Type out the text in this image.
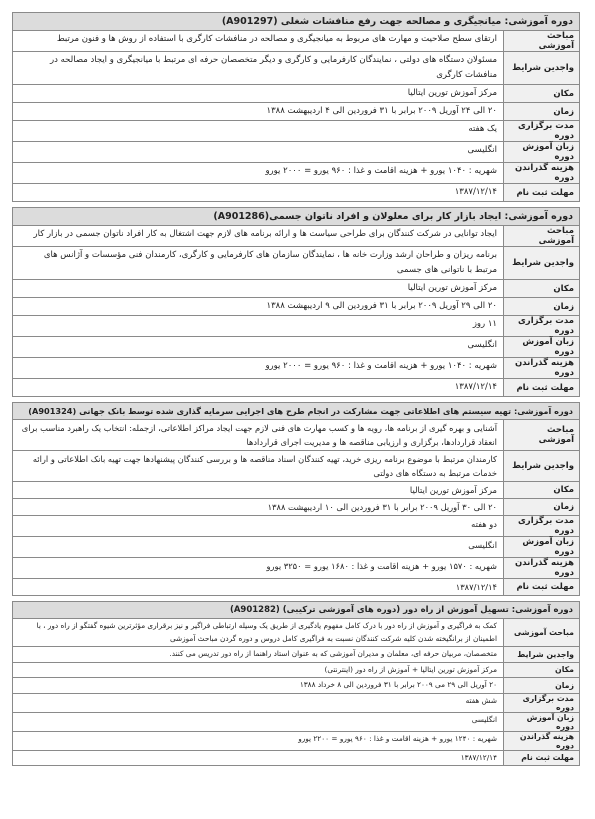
دوره آموزشی: میانجیگری و مصالحه جهت رفع منافشات شغلی (A901297)
مباحث آموزشی
ارتقای سطح صلاحیت و مهارت های مربوط به میانجیگری و مصالحه در منافشات کارگری با استفاده از روش ها و فنون مرتبط
واجدین شرایط
مسئولان دستگاه های دولتی ، نمایندگان کارفرمایی و کارگری و دیگر متخصصان حرفه ای مرتبط با میانجیگری و ایجاد مصالحه در منافشات کارگری
مکان
مرکز آموزش تورین ایتالیا
زمان
۲۰ الی ۲۴ آوریل ۲۰۰۹ برابر با ۳۱ فروردین الی ۴ اردیبهشت ۱۳۸۸
مدت برگزاری دوره
یک هفته
زبان آموزش دوره
انگلیسی
هزینه گذراندن دوره
شهریه : ۱۰۴۰ یورو + هزینه اقامت و غذا : ۹۶۰ یورو = ۲۰۰۰ یورو
مهلت ثبت نام
۱۳۸۷/۱۲/۱۴
دوره آموزشی: ایجاد بازار کار برای معلولان و افراد ناتوان جسمی(A901286)
مباحث آموزشی
ایجاد توانایی در شرکت کنندگان برای طراحی سیاست ها و ارائه برنامه های لازم جهت اشتغال به کار افراد ناتوان جسمی در بازار کار
واجدین شرایط
برنامه ریزان و طراحان ارشد وزارت خانه ها ، نمایندگان سازمان های کارفرمایی و کارگری، کارمندان فنی مؤسسات و آژانس های مرتبط با ناتوانی های جسمی
مکان
مرکز آموزش تورین ایتالیا
زمان
۲۰ الی ۲۹ آوریل ۲۰۰۹ برابر با ۳۱ فروردین الی ۹ اردیبهشت ۱۳۸۸
مدت برگزاری دوره
۱۱ روز
زبان آموزش دوره
انگلیسی
هزینه گذراندن دوره
شهریه : ۱۰۴۰ یورو + هزینه اقامت و غذا : ۹۶۰ یورو = ۲۰۰۰ یورو
مهلت ثبت نام
۱۳۸۷/۱۲/۱۴
دوره آموزشی: تهیه سیستم های اطلاعاتی جهت مشارکت در انجام طرح های اجرایی سرمایه گذاری شده توسط بانک جهانی (A901324)
مباحث آموزشی
آشنایی و بهره گیری از برنامه ها، رویه ها و کسب مهارت های فنی لازم جهت ایجاد مراکز اطلاعاتی، ازجمله: انتخاب یک راهبرد مناسب برای انعقاد قراردادها، برگزاری و ارزیابی مناقصه ها و مدیریت اجرای قراردادها
واجدین شرایط
کارمندان مرتبط با موضوع برنامه ریزی خرید، تهیه کنندگان اسناد مناقصه ها و بررسی کنندگان پیشنهادها جهت تهیه بانک اطلاعاتی و ارائه خدمات مرتبط به دستگاه های دولتی
مکان
مرکز آموزش تورین ایتالیا
زمان
۲۰ الی ۳۰ آوریل ۲۰۰۹ برابر با ۳۱ فروردین الی ۱۰ اردیبهشت ۱۳۸۸
مدت برگزاری دوره
دو هفته
زبان آموزش دوره
انگلیسی
هزینه گذراندن دوره
شهریه : ۱۵۷۰ یورو + هزینه اقامت و غذا : ۱۶۸۰ یورو = ۳۲۵۰ یورو
مهلت ثبت نام
۱۳۸۷/۱۲/۱۴
دوره آموزشی: تسهیل آموزش از راه دور (دوره های آموزشی ترکیبی) (A901282)
مباحث آموزشی
کمک به فراگیری و آموزش از راه دور با درک کامل مفهوم یادگیری از طریق یک وسیله ارتباطی فراگیر و نیز برقراری مؤثرترین شیوه گفتگو از راه دور ، با اطمینان از برانگیخته شدن کلیه شرکت کنندگان نسبت به فراگیری کامل دروس و دوره گردن مباحث آموزشی
واجدین شرایط
متخصصان، مربیان حرفه ای، معلمان و مدیران آموزشی که به عنوان استاد راهنما از راه دور تدریس می کنند.
مکان
مرکز آموزش تورین ایتالیا + آموزش از راه دور (اینترنتی)
زمان
۲۰ آوریل الی ۲۹ می ۲۰۰۹ برابر با ۳۱ فروردین الی ۸ خرداد ۱۳۸۸
مدت برگزاری دوره
شش هفته
زبان آموزش دوره
انگلیسی
هزینه گذراندن دوره
شهریه : ۱۲۴۰ یورو + هزینه اقامت و غذا : ۹۶۰ یورو = ۲۲۰۰ یورو
مهلت ثبت نام
۱۳۸۷/۱۲/۱۴
